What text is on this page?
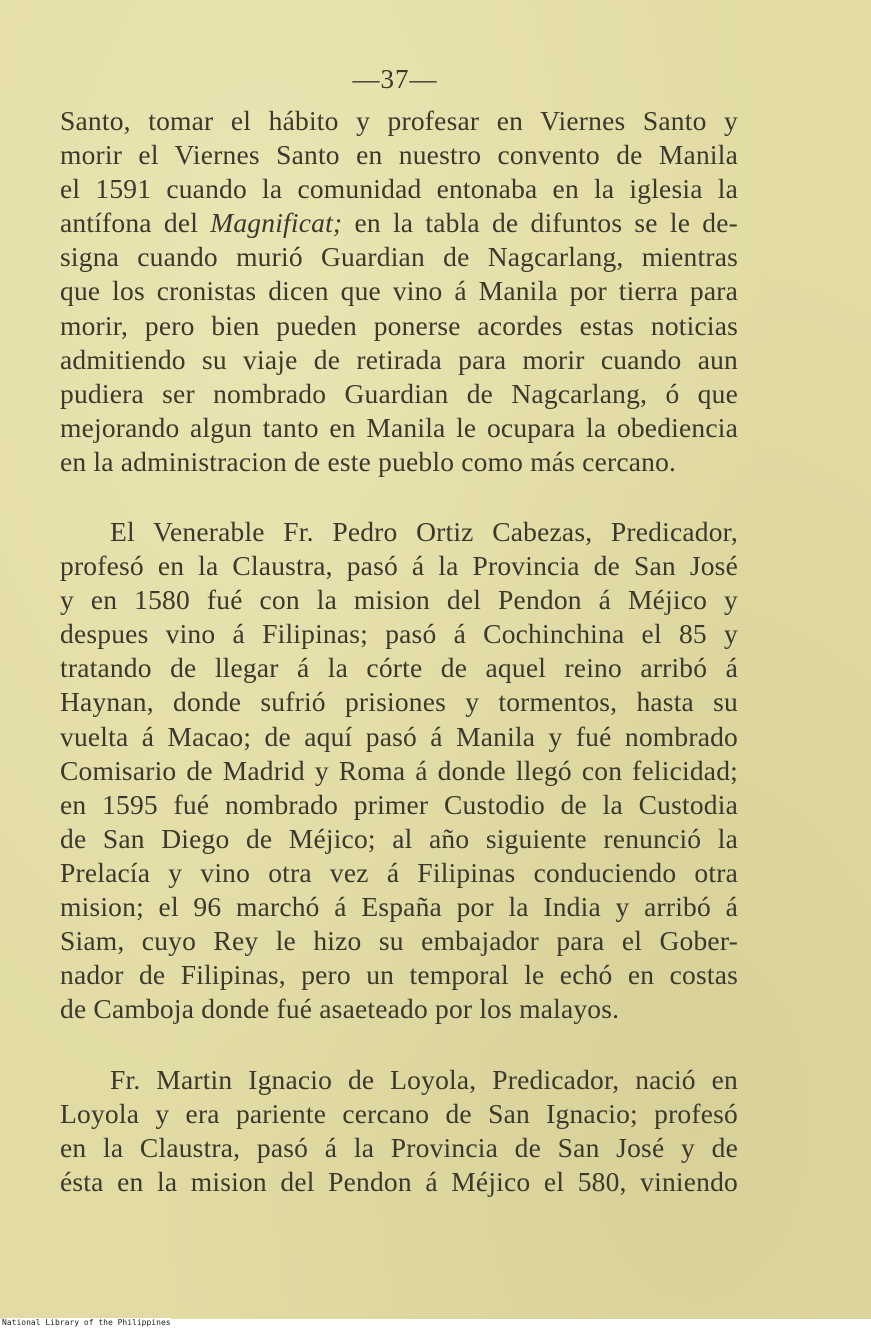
—37—
Santo, tomar el hábito y profesar en Viernes Santo y
morir el Viernes Santo en nuestro convento de Manila
el 1591 cuando la comunidad entonaba en la iglesia la
antífona del Magnificat; en la tabla de difuntos se le de-
signa cuando murió Guardian de Nagcarlang, mientras
que los cronistas dicen que vino á Manila por tierra para
morir, pero bien pueden ponerse acordes estas noticias
admitiendo su viaje de retirada para morir cuando aun
pudiera ser nombrado Guardian de Nagcarlang, ó que
mejorando algun tanto en Manila le ocupara la obediencia
en la administracion de este pueblo como más cercano.
El Venerable Fr. Pedro Ortiz Cabezas, Predicador,
profesó en la Claustra, pasó á la Provincia de San José
y en 1580 fué con la mision del Pendon á Méjico y
despues vino á Filipinas; pasó á Cochinchina el 85 y
tratando de llegar á la córte de aquel reino arribó á
Haynan, donde sufrió prisiones y tormentos, hasta su
vuelta á Macao; de aquí pasó á Manila y fué nombrado
Comisario de Madrid y Roma á donde llegó con felicidad;
en 1595 fué nombrado primer Custodio de la Custodia
de San Diego de Méjico; al año siguiente renunció la
Prelacía y vino otra vez á Filipinas conduciendo otra
mision; el 96 marchó á España por la India y arribó á
Siam, cuyo Rey le hizo su embajador para el Gober-
nador de Filipinas, pero un temporal le echó en costas
de Camboja donde fué asaeteado por los malayos.
Fr. Martin Ignacio de Loyola, Predicador, nació en
Loyola y era pariente cercano de San Ignacio; profesó
en la Claustra, pasó á la Provincia de San José y de
ésta en la mision del Pendon á Méjico el 580, viniendo
National Library of the Philippines
